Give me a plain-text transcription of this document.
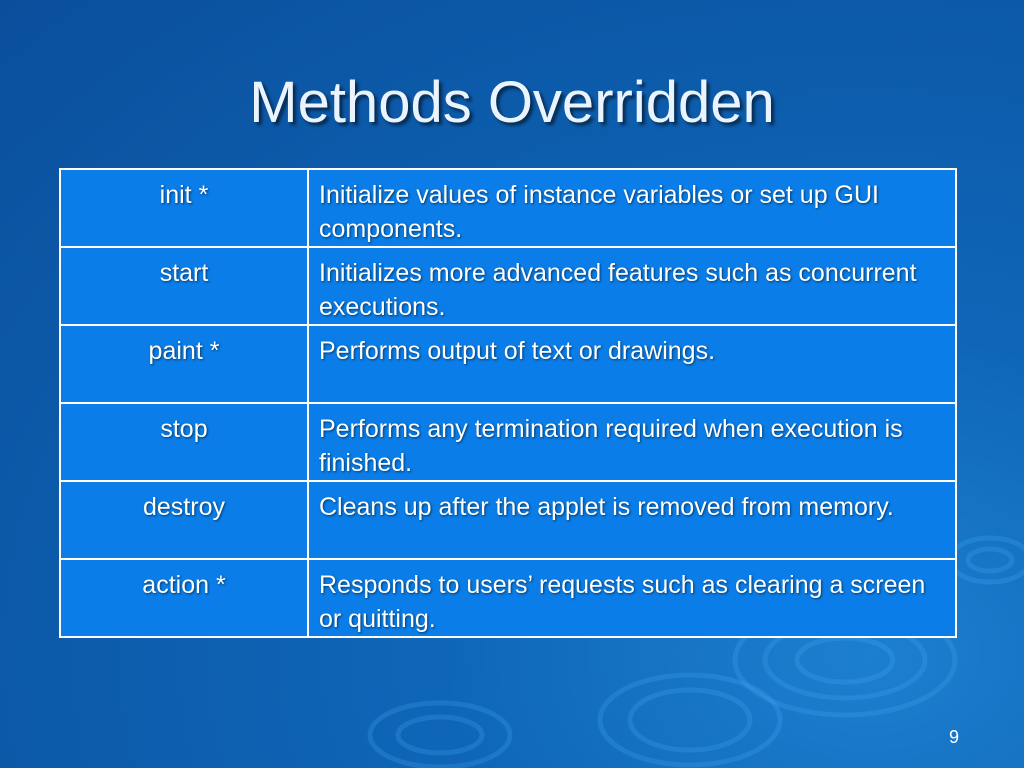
Methods Overridden
init *	Initialize values of instance variables or set up GUI components.
start	Initializes more advanced features such as concurrent executions.
paint *	Performs output of text or drawings.
stop	Performs any termination required when execution is finished.
destroy	Cleans up after the applet is removed from memory.
action *	Responds to users’ requests such as clearing a screen or quitting.
9
